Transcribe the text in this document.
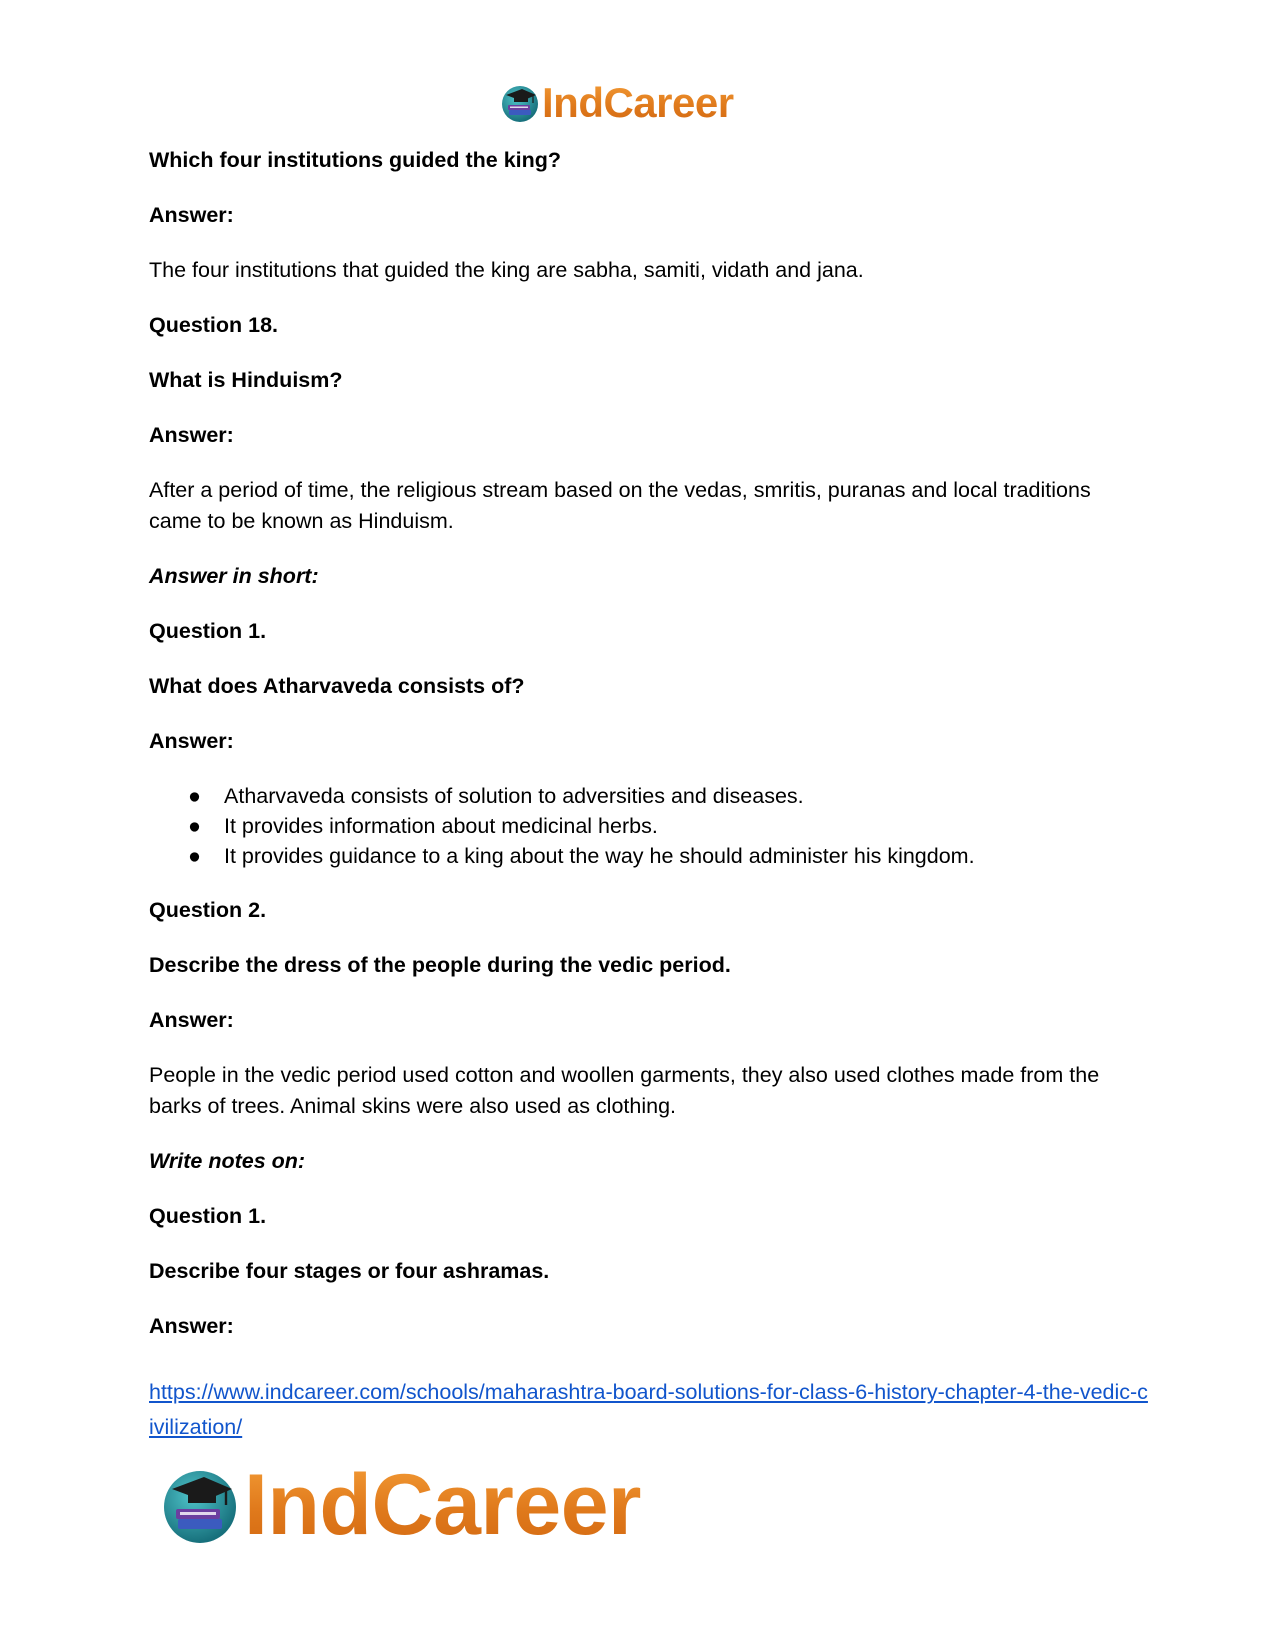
IndCareer
Which four institutions guided the king?
Answer:
The four institutions that guided the king are sabha, samiti, vidath and jana.
Question 18.
What is Hinduism?
Answer:
After a period of time, the religious stream based on the vedas, smritis, puranas and local traditions came to be known as Hinduism.
Answer in short:
Question 1.
What does Atharvaveda consists of?
Answer:
● Atharvaveda consists of solution to adversities and diseases.
● It provides information about medicinal herbs.
● It provides guidance to a king about the way he should administer his kingdom.
Question 2.
Describe the dress of the people during the vedic period.
Answer:
People in the vedic period used cotton and woollen garments, they also used clothes made from the barks of trees. Animal skins were also used as clothing.
Write notes on:
Question 1.
Describe four stages or four ashramas.
Answer:
https://www.indcareer.com/schools/maharashtra-board-solutions-for-class-6-history-chapter-4-the-vedic-civilization/
IndCareer
